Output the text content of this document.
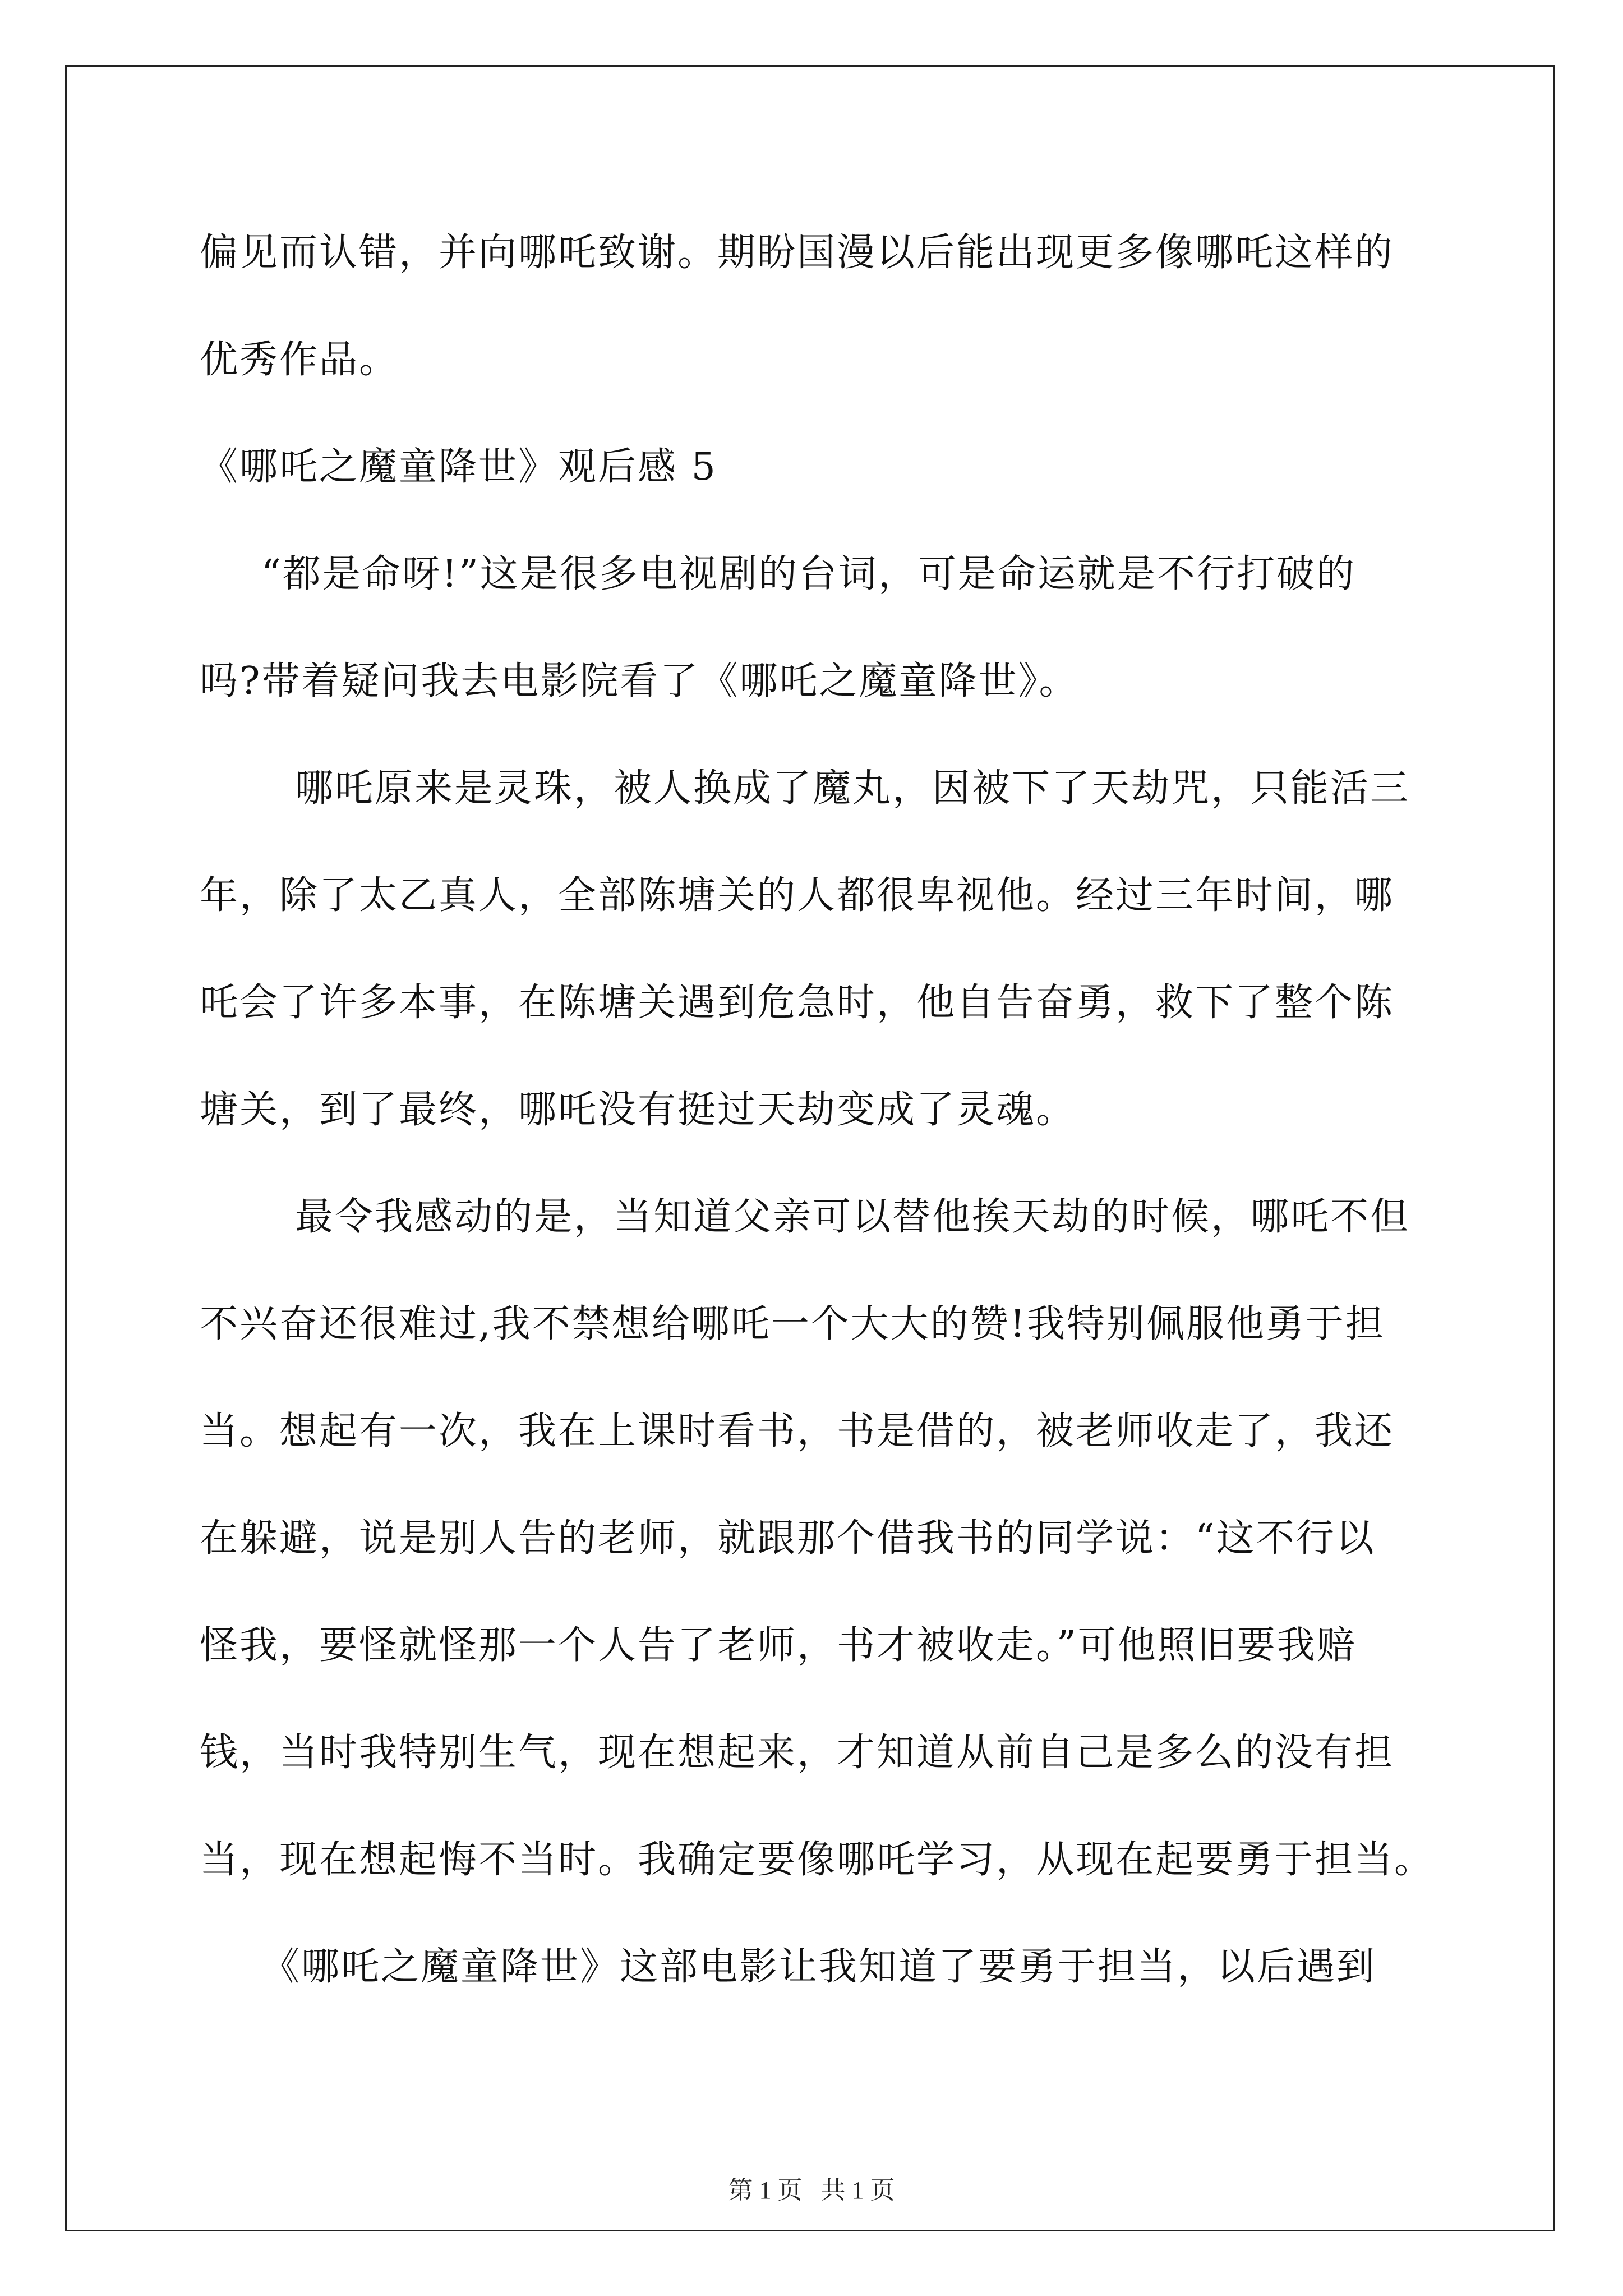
偏见而认错，并向哪吒致谢。期盼国漫以后能出现更多像哪吒这样的
优秀作品。
《哪吒之魔童降世》观后感 5
“都是命呀!”这是很多电视剧的台词，可是命运就是不行打破的
吗?带着疑问我去电影院看了《哪吒之魔童降世》。
哪吒原来是灵珠，被人换成了魔丸，因被下了天劫咒，只能活三
年，除了太乙真人，全部陈塘关的人都很卑视他。经过三年时间，哪
吒会了许多本事，在陈塘关遇到危急时，他自告奋勇，救下了整个陈
塘关，到了最终，哪吒没有挺过天劫变成了灵魂。
最令我感动的是，当知道父亲可以替他挨天劫的时候，哪吒不但
不兴奋还很难过,我不禁想给哪吒一个大大的赞!我特别佩服他勇于担
当。想起有一次，我在上课时看书，书是借的，被老师收走了，我还
在躲避，说是别人告的老师，就跟那个借我书的同学说：“这不行以
怪我，要怪就怪那一个人告了老师，书才被收走。”可他照旧要我赔
钱，当时我特别生气，现在想起来，才知道从前自己是多么的没有担
当，现在想起悔不当时。我确定要像哪吒学习，从现在起要勇于担当。
《哪吒之魔童降世》这部电影让我知道了要勇于担当，以后遇到
第 1 页   共 1 页
